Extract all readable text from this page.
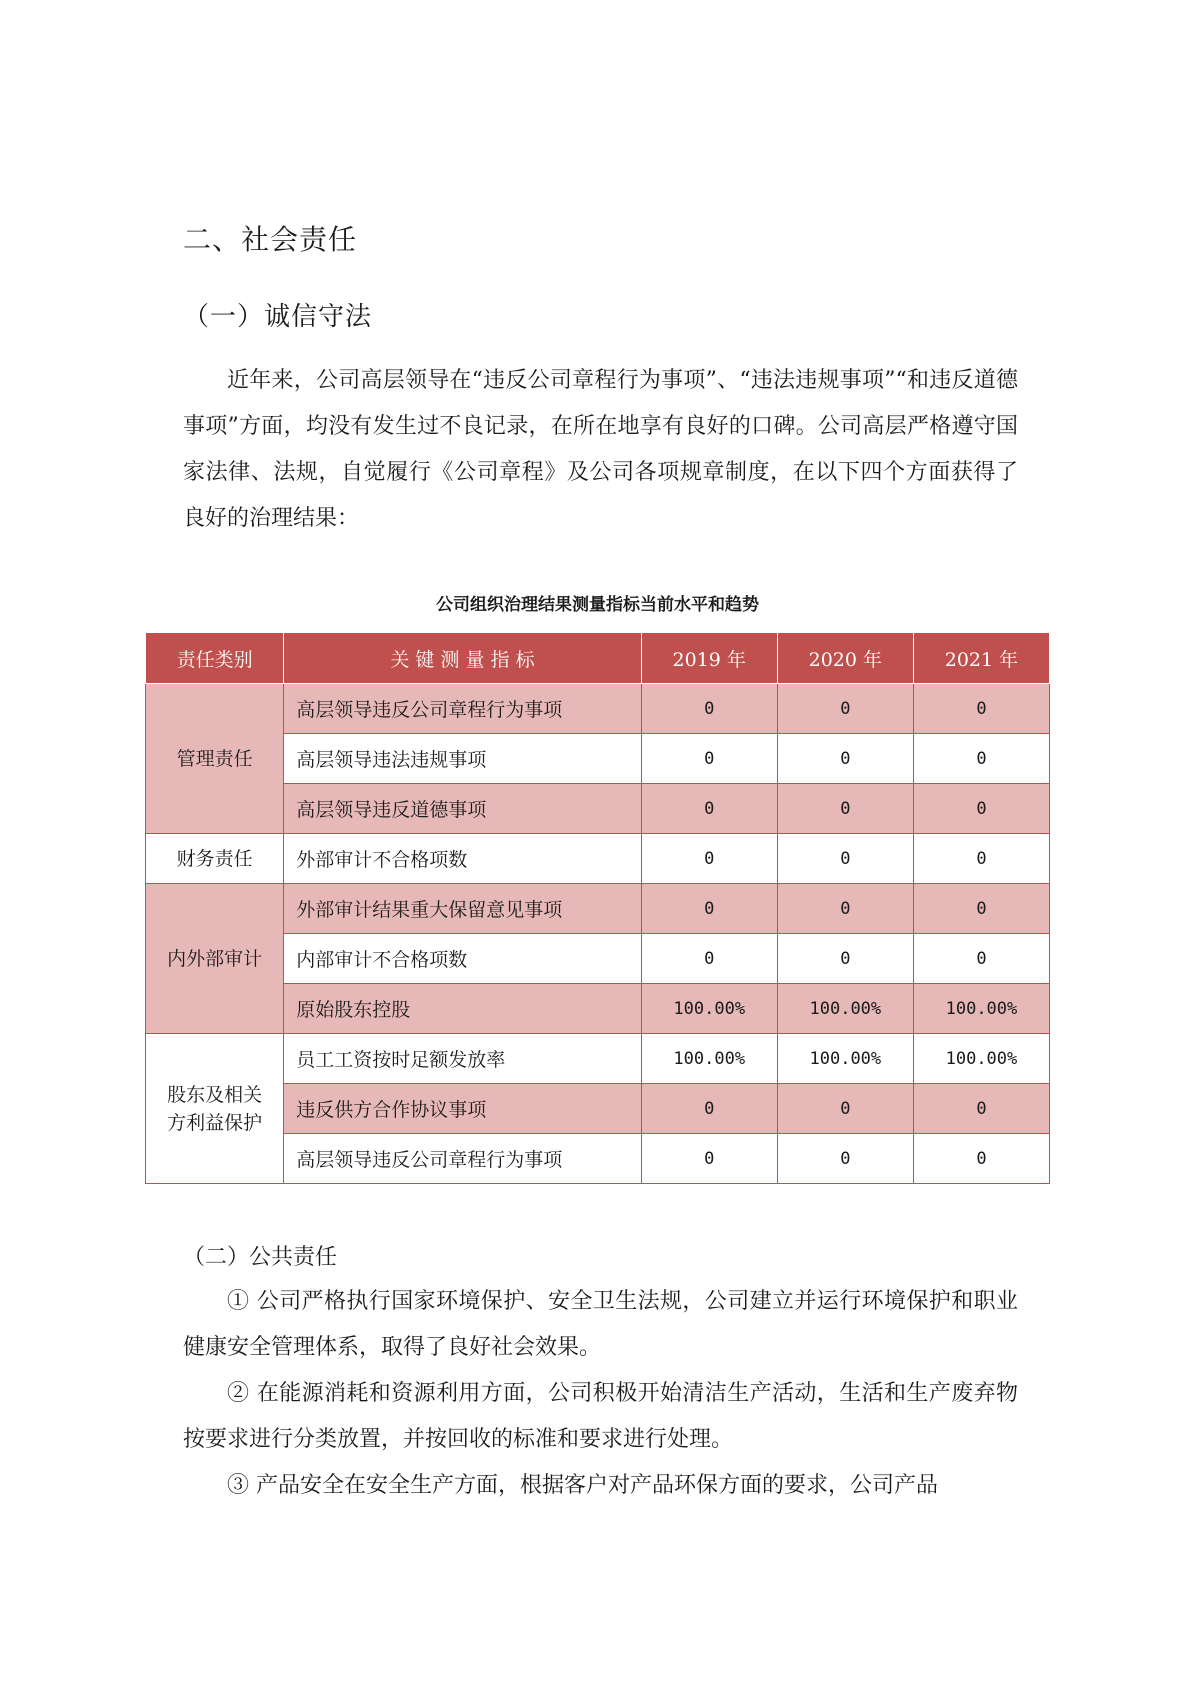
二、社会责任
（一）诚信守法

近年来，公司高层领导在“违反公司章程行为事项”、“违法违规事项”“和违反道德事项”方面，均没有发生过不良记录，在所在地享有良好的口碑。公司高层严格遵守国家法律、法规，自觉履行《公司章程》及公司各项规章制度，在以下四个方面获得了良好的治理结果：

公司组织治理结果测量指标当前水平和趋势
责任类别	关 键 测 量 指 标	2019 年	2020 年	2021 年
管理责任	高层领导违反公司章程行为事项	0	0	0
	高层领导违法违规事项	0	0	0
	高层领导违反道德事项	0	0	0
财务责任	外部审计不合格项数	0	0	0
内外部审计	外部审计结果重大保留意见事项	0	0	0
	内部审计不合格项数	0	0	0
	原始股东控股	100.00%	100.00%	100.00%
股东及相关方利益保护	员工工资按时足额发放率	100.00%	100.00%	100.00%
	违反供方合作协议事项	0	0	0
	高层领导违反公司章程行为事项	0	0	0
（二）公共责任

① 公司严格执行国家环境保护、安全卫生法规，公司建立并运行环境保护和职业健康安全管理体系，取得了良好社会效果。

② 在能源消耗和资源利用方面，公司积极开始清洁生产活动，生活和生产废弃物按要求进行分类放置，并按回收的标准和要求进行处理。

③ 产品安全在安全生产方面，根据客户对产品环保方面的要求，公司产品
